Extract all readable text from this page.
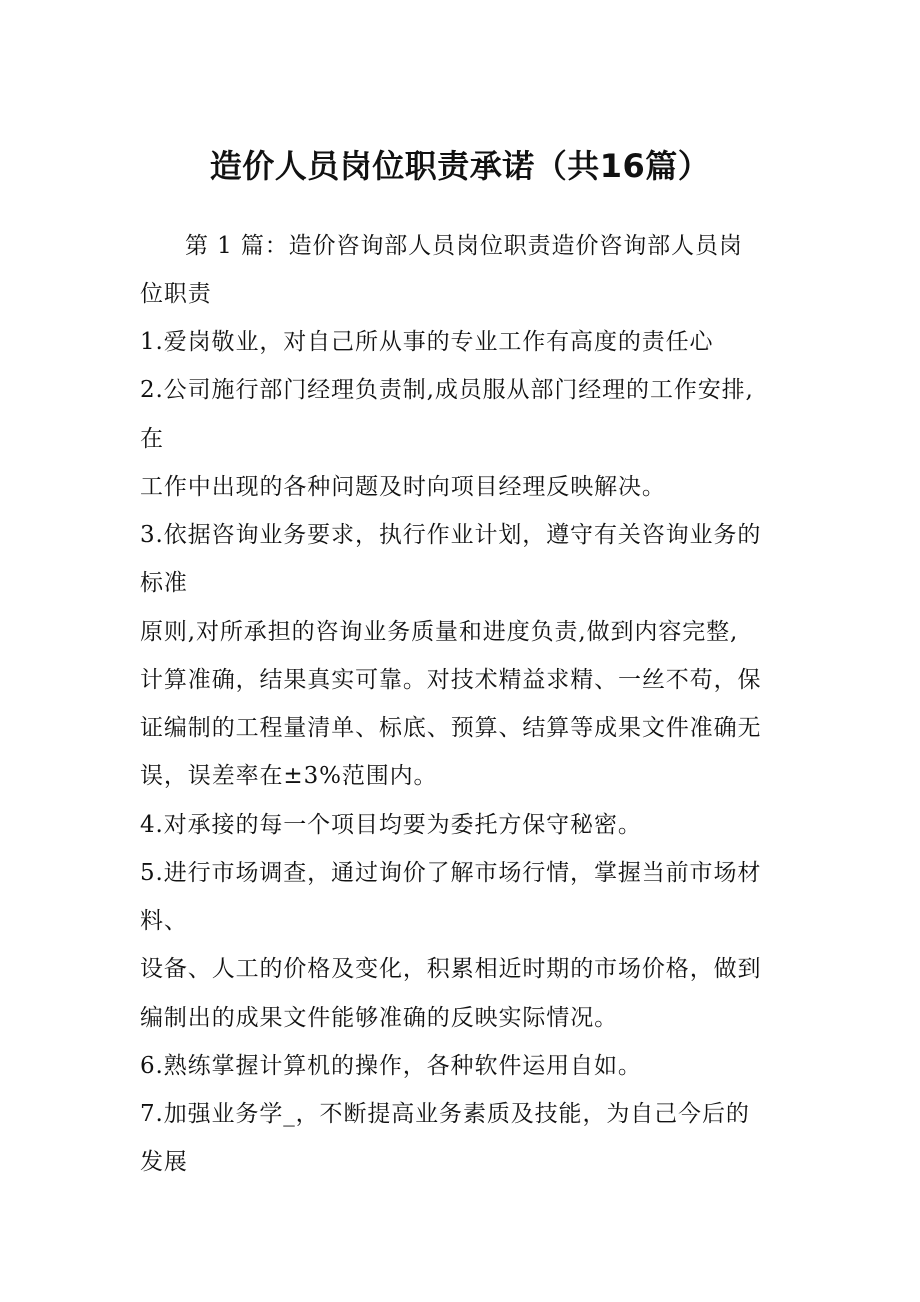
造价人员岗位职责承诺（共16篇）

第 1 篇：造价咨询部人员岗位职责造价咨询部人员岗

位职责

1.爱岗敬业，对自己所从事的专业工作有高度的责任心

2.公司施行部门经理负责制,成员服从部门经理的工作安排,

在

工作中出现的各种问题及时向项目经理反映解决。

3.依据咨询业务要求，执行作业计划，遵守有关咨询业务的

标准

原则,对所承担的咨询业务质量和进度负责,做到内容完整,

计算准确，结果真实可靠。对技术精益求精、一丝不苟，保

证编制的工程量清单、标底、预算、结算等成果文件准确无

误，误差率在±3%范围内。

4.对承接的每一个项目均要为委托方保守秘密。

5.进行市场调查，通过询价了解市场行情，掌握当前市场材

料、

设备、人工的价格及变化，积累相近时期的市场价格，做到

编制出的成果文件能够准确的反映实际情况。

6.熟练掌握计算机的操作，各种软件运用自如。

7.加强业务学_，不断提高业务素质及技能，为自己今后的

发展
